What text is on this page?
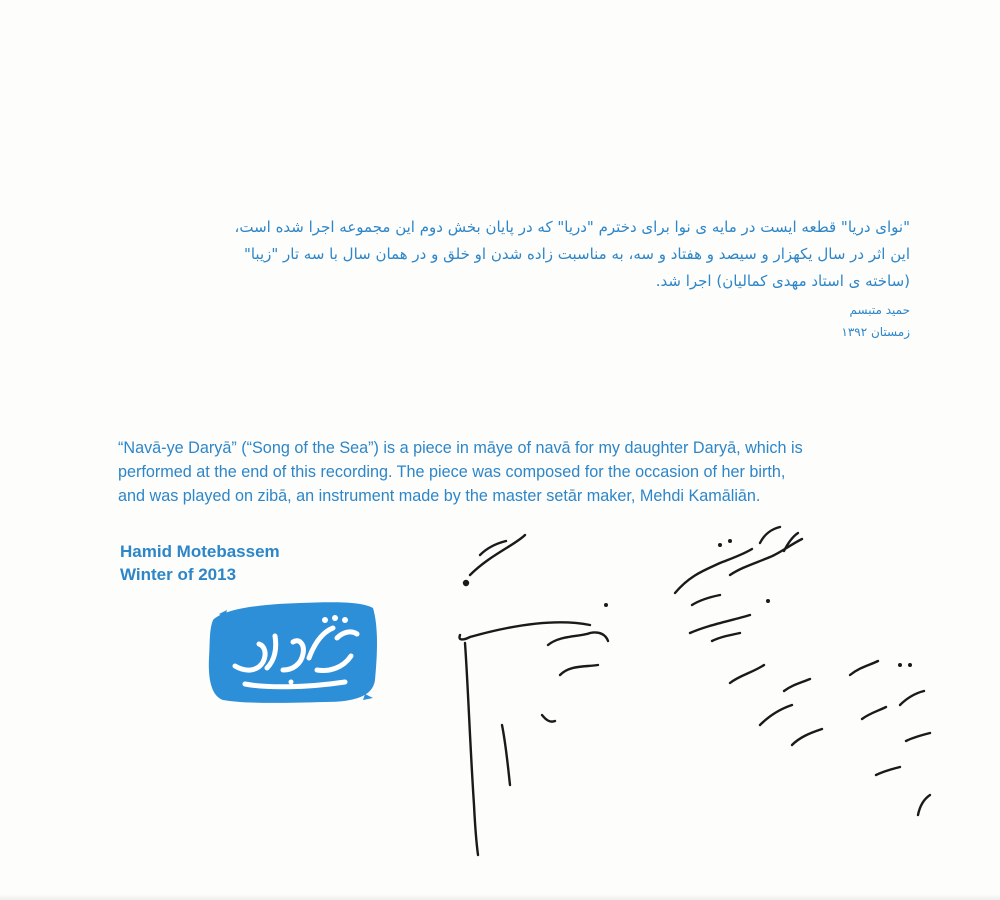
"نوای دریا" قطعه ایست در مایه ی نوا برای دخترم "دریا" که در پایان بخش دوم این مجموعه اجرا شده است،
این اثر در سال یکهزار و سیصد و هفتاد و سه، به مناسبت زاده شدن او خلق و در همان سال با سه تار "زیبا"
(ساخته ی استاد مهدی کمالیان) اجرا شد.
حمید متبسم
زمستان ۱۳۹۲
“Navā-ye Daryā” (“Song of the Sea”) is a piece in māye of navā for my daughter Daryā, which is
performed at the end of this recording. The piece was composed for the occasion of her birth,
and was played on zibā, an instrument made by the master setār maker, Mehdi Kamāliān.
Hamid Motebassem
Winter of 2013
